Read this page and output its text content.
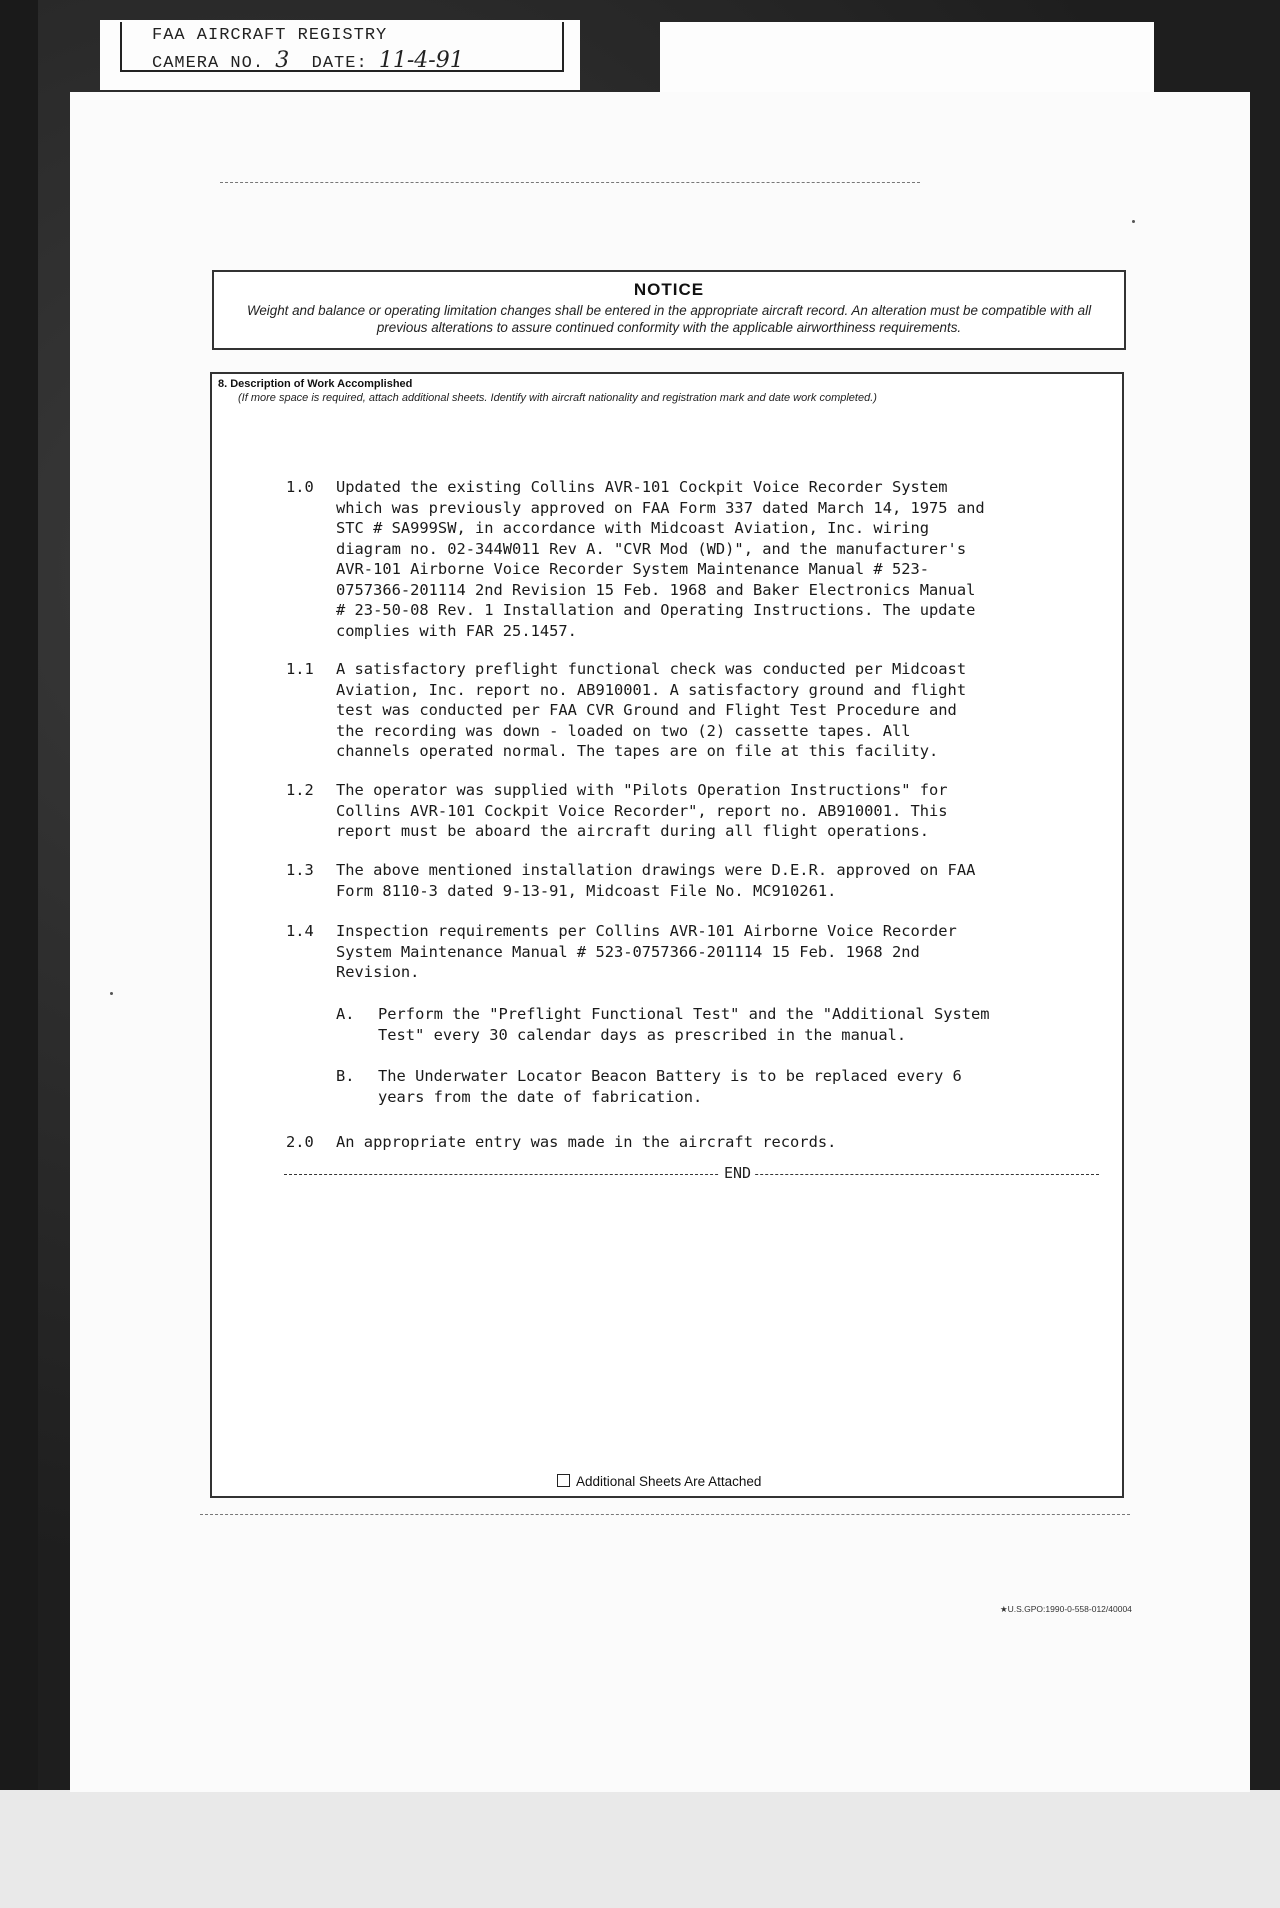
FAA AIRCRAFT REGISTRY
CAMERA NO. 3 DATE: 11-4-91
★U.S.GPO:1990-0-558-012/40004
NOTICE
Weight and balance or operating limitation changes shall be entered in the appropriate aircraft record. An alteration must be compatible with all previous alterations to assure continued conformity with the applicable airworthiness requirements.
8. Description of Work Accomplished
(If more space is required, attach additional sheets. Identify with aircraft nationality and registration mark and date work completed.)
1.0 Updated the existing Collins AVR-101 Cockpit Voice Recorder System
which was previously approved on FAA Form 337 dated March 14, 1975 and
STC # SA999SW, in accordance with Midcoast Aviation, Inc. wiring
diagram no. 02-344W011 Rev A. "CVR Mod (WD)", and the manufacturer's
AVR-101 Airborne Voice Recorder System Maintenance Manual # 523-
0757366-201114 2nd Revision 15 Feb. 1968 and Baker Electronics Manual
# 23-50-08 Rev. 1 Installation and Operating Instructions. The update
complies with FAR 25.1457.
1.1 A satisfactory preflight functional check was conducted per Midcoast
Aviation, Inc. report no. AB910001. A satisfactory ground and flight
test was conducted per FAA CVR Ground and Flight Test Procedure and
the recording was down - loaded on two (2) cassette tapes. All
channels operated normal. The tapes are on file at this facility.
1.2 The operator was supplied with "Pilots Operation Instructions" for
Collins AVR-101 Cockpit Voice Recorder", report no. AB910001. This
report must be aboard the aircraft during all flight operations.
1.3 The above mentioned installation drawings were D.E.R. approved on FAA
Form 8110-3 dated 9-13-91, Midcoast File No. MC910261.
1.4 Inspection requirements per Collins AVR-101 Airborne Voice Recorder
System Maintenance Manual # 523-0757366-201114 15 Feb. 1968 2nd
Revision.
A. Perform the "Preflight Functional Test" and the "Additional System
Test" every 30 calendar days as prescribed in the manual.
B. The Underwater Locator Beacon Battery is to be replaced every 6
years from the date of fabrication.
2.0 An appropriate entry was made in the aircraft records.
END
Additional Sheets Are Attached
